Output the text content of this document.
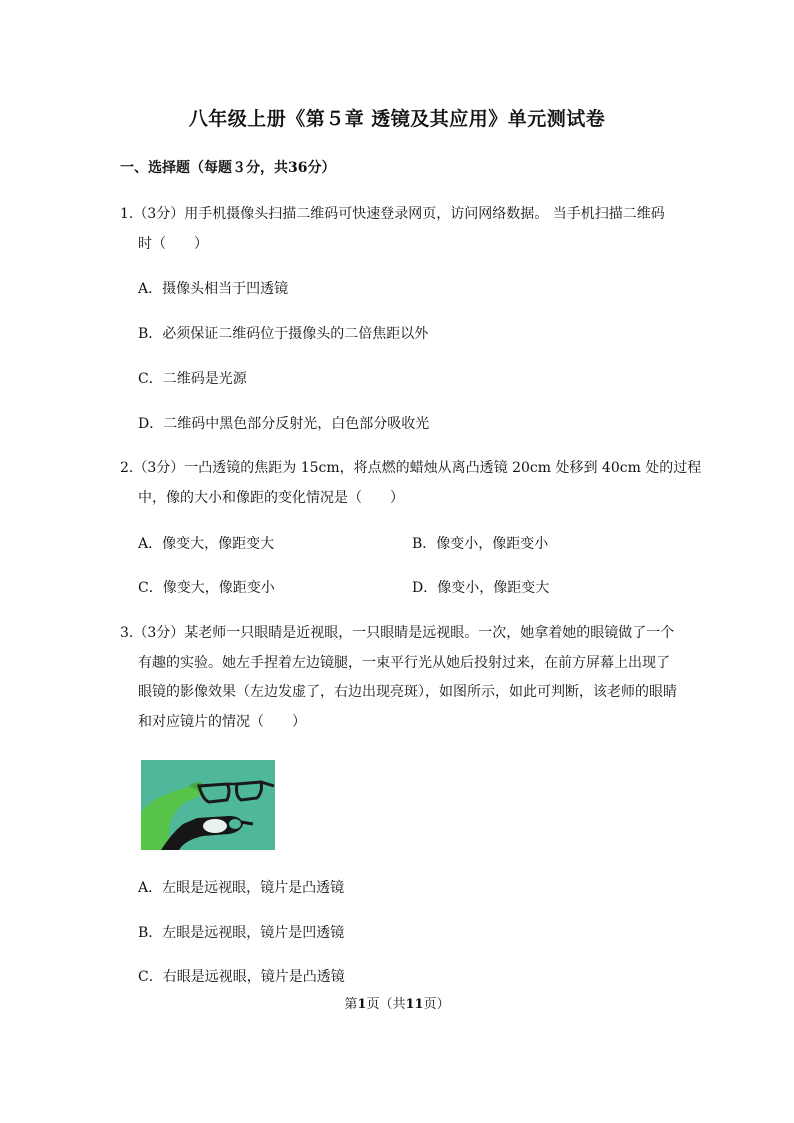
八年级上册《第５章 透镜及其应用》单元测试卷
一、选择题（每题３分，共36分）
1.（3分）用手机摄像头扫描二维码可快速登录网页，访问网络数据。 当手机扫描二维码
时（　　）
A．摄像头相当于凹透镜
B．必须保证二维码位于摄像头的二倍焦距以外
C．二维码是光源
D．二维码中黑色部分反射光，白色部分吸收光
2.（3分）一凸透镜的焦距为 15cm，将点燃的蜡烛从离凸透镜 20cm 处移到 40cm 处的过程
中，像的大小和像距的变化情况是（　　）
A．像变大，像距变大	B．像变小，像距变小
C．像变大，像距变小	D．像变小，像距变大
3.（3分）某老师一只眼睛是近视眼，一只眼睛是远视眼。一次，她拿着她的眼镜做了一个
有趣的实验。她左手捏着左边镜腿，一束平行光从她后投射过来，在前方屏幕上出现了
眼镜的影像效果（左边发虚了，右边出现亮斑），如图所示，如此可判断，该老师的眼睛
和对应镜片的情况（　　）
A．左眼是远视眼，镜片是凸透镜
B．左眼是远视眼，镜片是凹透镜
C．右眼是远视眼，镜片是凸透镜
第1页（共11页）
